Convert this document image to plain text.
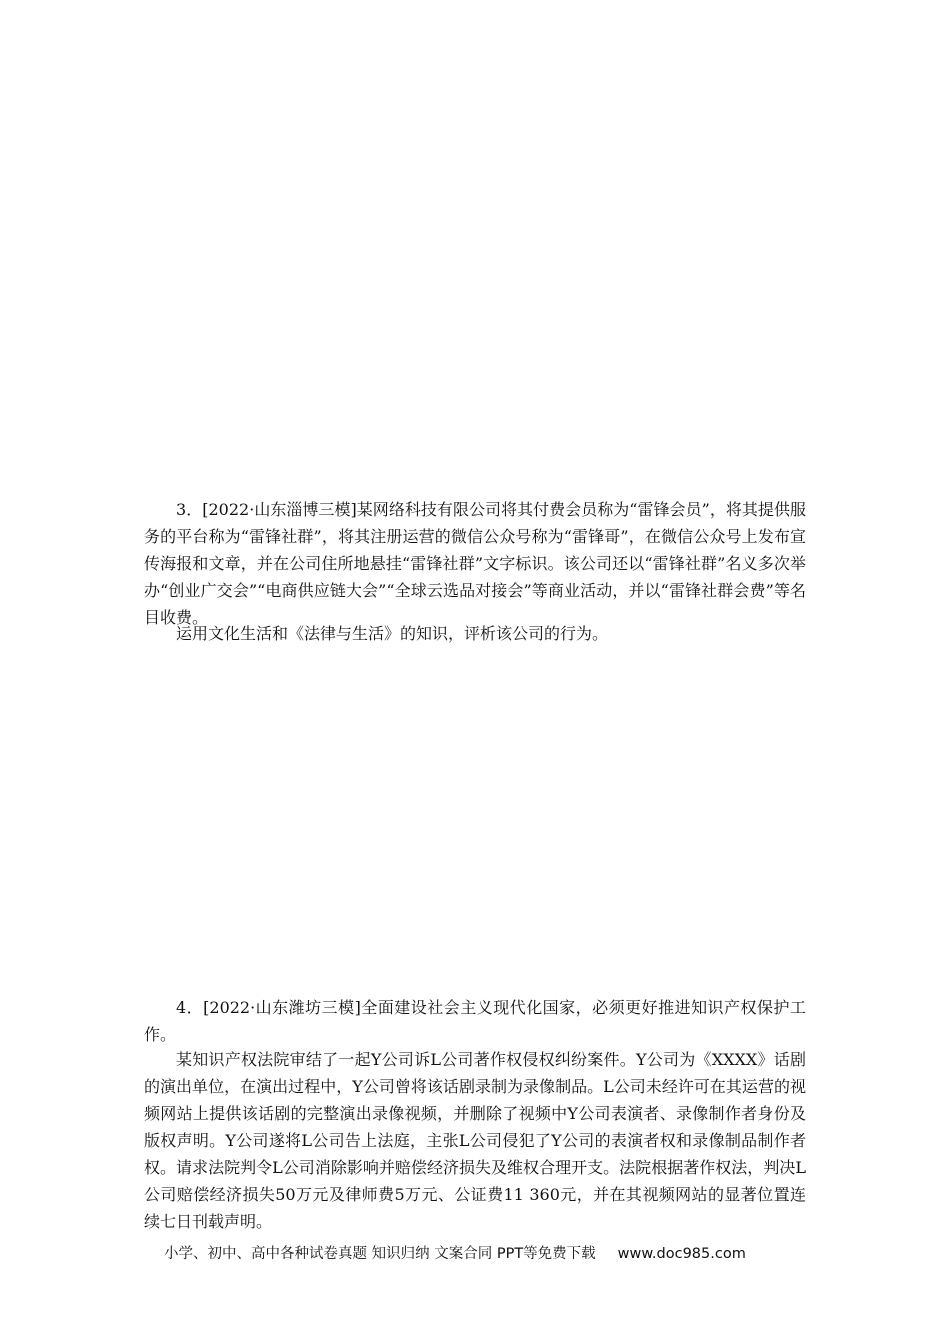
3．[2022·山东淄博三模]某网络科技有限公司将其付费会员称为“雷锋会员”，将其提供服务的平台称为“雷锋社群”，将其注册运营的微信公众号称为“雷锋哥”，在微信公众号上发布宣传海报和文章，并在公司住所地悬挂“雷锋社群”文字标识。该公司还以“雷锋社群”名义多次举办“创业广交会”“电商供应链大会”“全球云选品对接会”等商业活动，并以“雷锋社群会费”等名目收费。

运用文化生活和《法律与生活》的知识，评析该公司的行为。

4．[2022·山东潍坊三模]全面建设社会主义现代化国家，必须更好推进知识产权保护工作。

某知识产权法院审结了一起Y公司诉L公司著作权侵权纠纷案件。Y公司为《XXXX》话剧的演出单位，在演出过程中，Y公司曾将该话剧录制为录像制品。L公司未经许可在其运营的视频网站上提供该话剧的完整演出录像视频，并删除了视频中Y公司表演者、录像制作者身份及版权声明。Y公司遂将L公司告上法庭，主张L公司侵犯了Y公司的表演者权和录像制品制作者权。请求法院判令L公司消除影响并赔偿经济损失及维权合理开支。法院根据著作权法，判决L公司赔偿经济损失50万元及律师费5万元、公证费11 360元，并在其视频网站的显著位置连续七日刊载声明。

小学、初中、高中各种试卷真题 知识归纳 文案合同 PPT等免费下载 www.doc985.com
